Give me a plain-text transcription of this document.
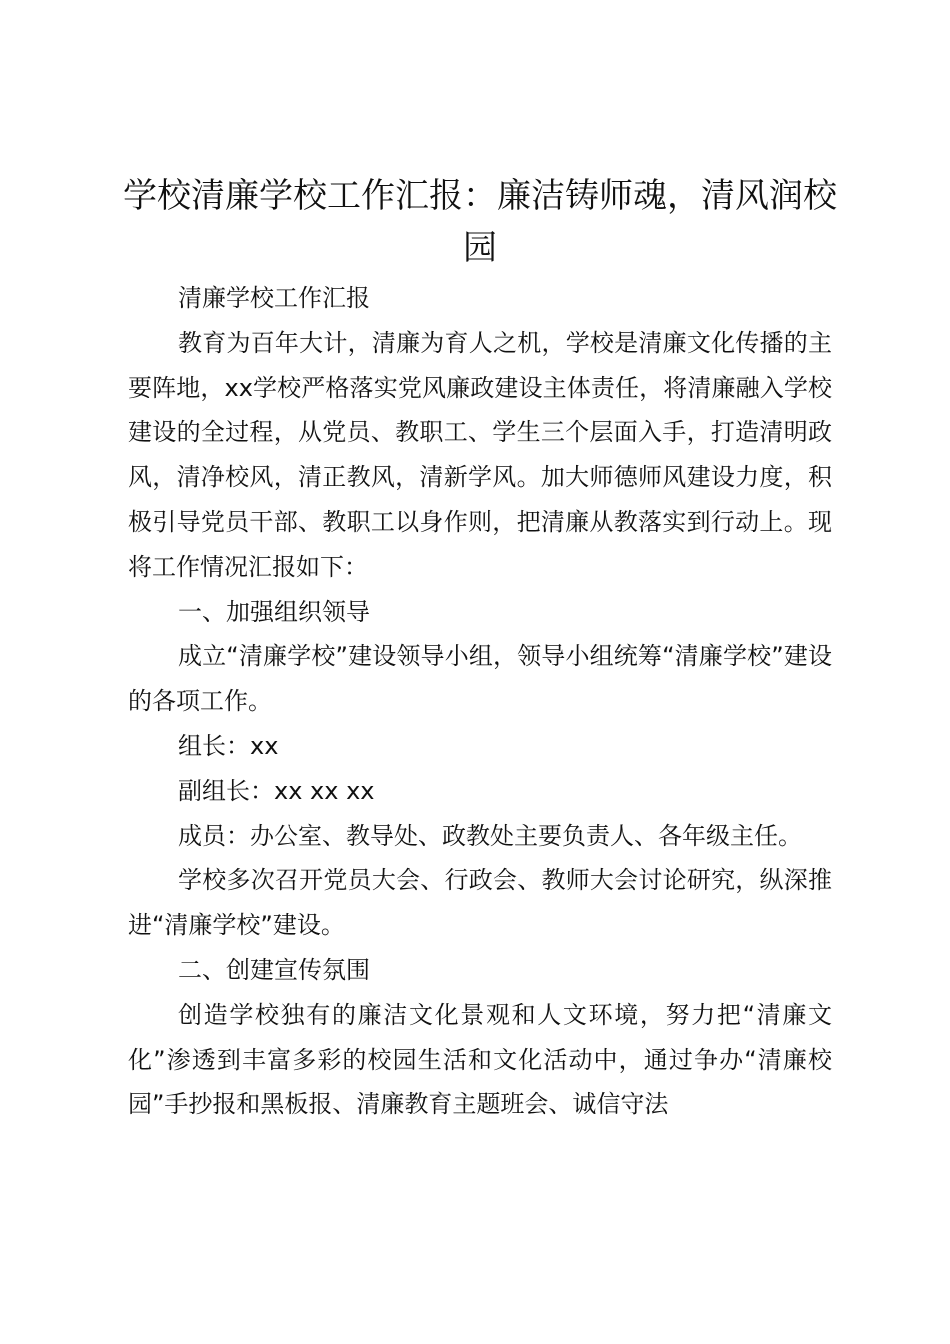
学校清廉学校工作汇报：廉洁铸师魂，清风润校园

清廉学校工作汇报

教育为百年大计，清廉为育人之机，学校是清廉文化传播的主要阵地，xx学校严格落实党风廉政建设主体责任，将清廉融入学校建设的全过程，从党员、教职工、学生三个层面入手，打造清明政风，清净校风，清正教风，清新学风。加大师德师风建设力度，积极引导党员干部、教职工以身作则，把清廉从教落实到行动上。现将工作情况汇报如下：

一、加强组织领导

成立“清廉学校”建设领导小组，领导小组统筹“清廉学校”建设的各项工作。

组长：xx

副组长：xx xx xx

成员：办公室、教导处、政教处主要负责人、各年级主任。

学校多次召开党员大会、行政会、教师大会讨论研究，纵深推进“清廉学校”建设。

二、创建宣传氛围

创造学校独有的廉洁文化景观和人文环境，努力把“清廉文化”渗透到丰富多彩的校园生活和文化活动中，通过争办“清廉校园”手抄报和黑板报、清廉教育主题班会、诚信守法
